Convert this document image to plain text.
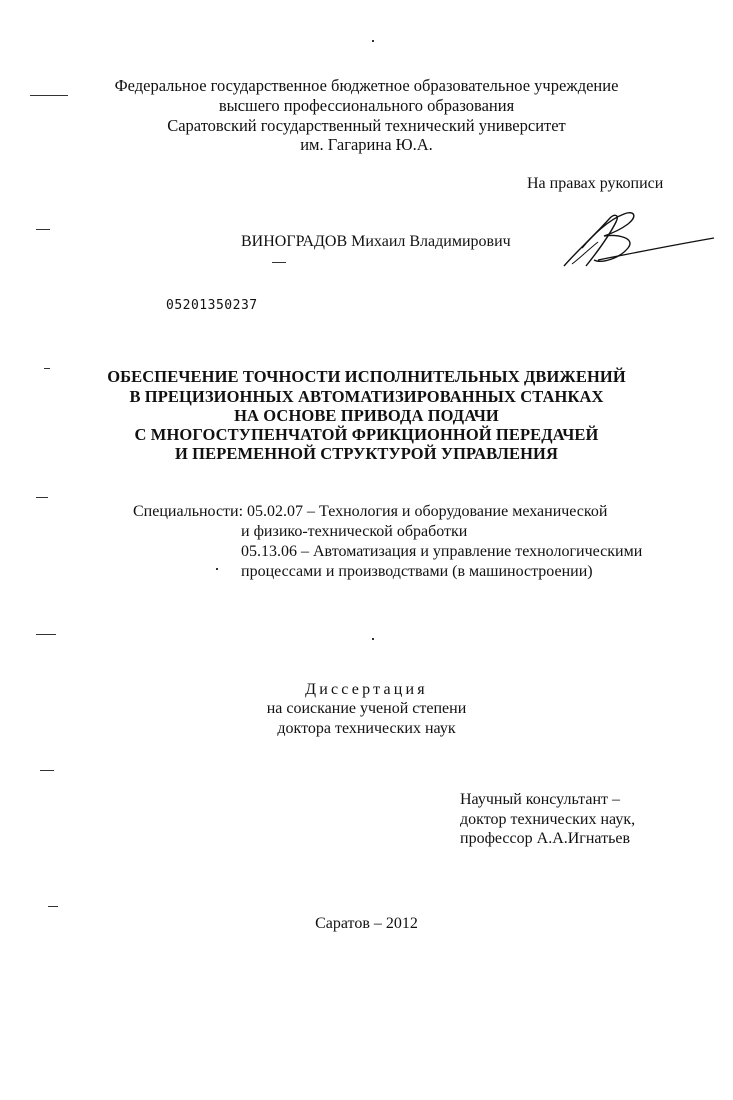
Федеральное государственное бюджетное образовательное учреждение
высшего профессионального образования
Саратовский государственный технический университет
им. Гагарина Ю.А.
На правах рукописи
ВИНОГРАДОВ Михаил Владимирович
05201350237
ОБЕСПЕЧЕНИЕ ТОЧНОСТИ ИСПОЛНИТЕЛЬНЫХ ДВИЖЕНИЙ
В ПРЕЦИЗИОННЫХ АВТОМАТИЗИРОВАННЫХ СТАНКАХ
НА ОСНОВЕ ПРИВОДА ПОДАЧИ
С МНОГОСТУПЕНЧАТОЙ ФРИКЦИОННОЙ ПЕРЕДАЧЕЙ
И ПЕРЕМЕННОЙ СТРУКТУРОЙ УПРАВЛЕНИЯ
Специальности: 05.02.07 – Технология и оборудование механической
и физико-технической обработки
05.13.06 – Автоматизация и управление технологическими
процессами и производствами (в машиностроении)
Диссертация
на соискание ученой степени
доктора технических наук
Научный консультант –
доктор технических наук,
профессор А.А.Игнатьев
Саратов – 2012
